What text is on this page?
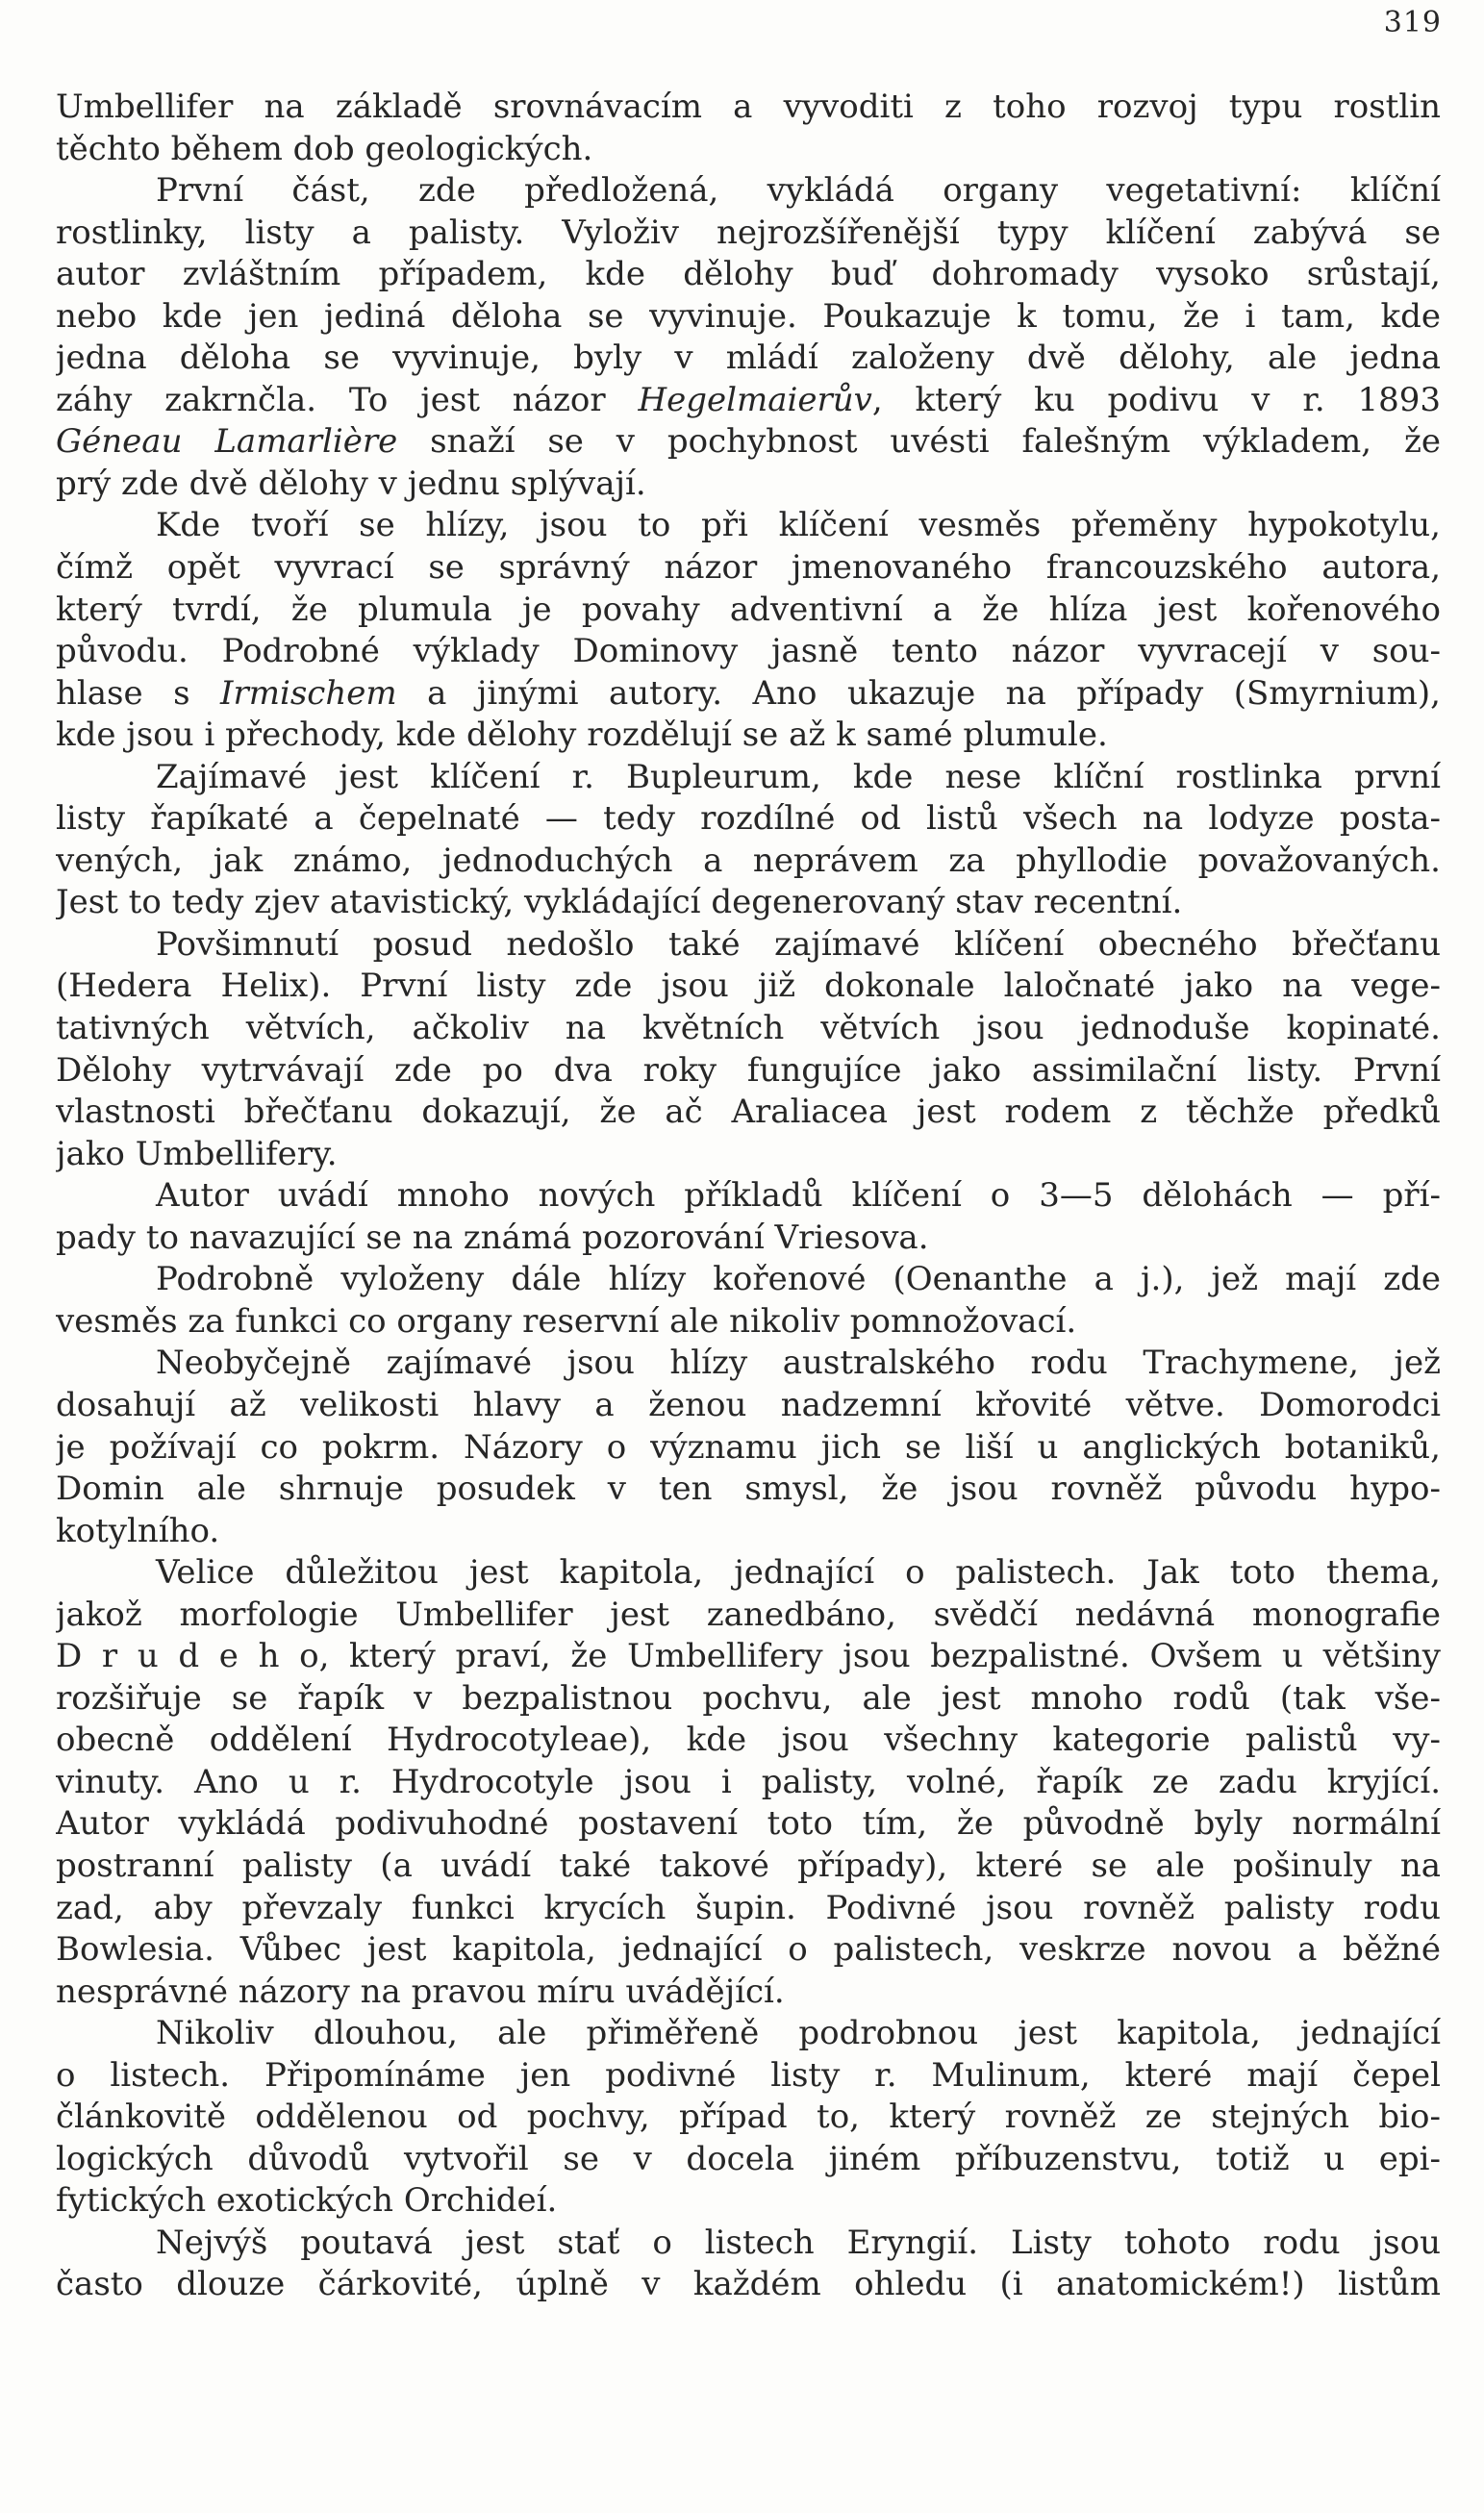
319
Umbellifer na základě srovnávacím a vyvoditi z toho rozvoj typu rostlin
těchto během dob geologických.
První část, zde předložená, vykládá organy vegetativní: klíční
rostlinky, listy a palisty. Vyloživ nejrozšířenější typy klíčení zabývá se
autor zvláštním případem, kde dělohy buď dohromady vysoko srůstají,
nebo kde jen jediná děloha se vyvinuje. Poukazuje k tomu, že i tam, kde
jedna děloha se vyvinuje, byly v mládí založeny dvě dělohy, ale jedna
záhy zakrnčla. To jest názor Hegelmaierův, který ku podivu v r. 1893
Géneau Lamarlière snaží se v pochybnost uvésti falešným výkladem, že
prý zde dvě dělohy v jednu splývají.
Kde tvoří se hlízy, jsou to při klíčení vesměs přeměny hypokotylu,
čímž opět vyvrací se správný názor jmenovaného francouzského autora,
který tvrdí, že plumula je povahy adventivní a že hlíza jest kořenového
původu. Podrobné výklady Dominovy jasně tento názor vyvracejí v sou-
hlase s Irmischem a jinými autory. Ano ukazuje na případy (Smyrnium),
kde jsou i přechody, kde dělohy rozdělují se až k samé plumule.
Zajímavé jest klíčení r. Bupleurum, kde nese klíční rostlinka první
listy řapíkaté a čepelnaté — tedy rozdílné od listů všech na lodyze posta-
vených, jak známo, jednoduchých a neprávem za phyllodie považovaných.
Jest to tedy zjev atavistický, vykládající degenerovaný stav recentní.
Povšimnutí posud nedošlo také zajímavé klíčení obecného břečťanu
(Hedera Helix). První listy zde jsou již dokonale laločnaté jako na vege-
tativných větvích, ačkoliv na květních větvích jsou jednoduše kopinaté.
Dělohy vytrvávají zde po dva roky fungujíce jako assimilační listy. První
vlastnosti břečťanu dokazují, že ač Araliacea jest rodem z těchže předků
jako Umbellifery.
Autor uvádí mnoho nových příkladů klíčení o 3—5 dělohách — pří-
pady to navazující se na známá pozorování Vriesova.
Podrobně vyloženy dále hlízy kořenové (Oenanthe a j.), jež mají zde
vesměs za funkci co organy reservní ale nikoliv pomnožovací.
Neobyčejně zajímavé jsou hlízy australského rodu Trachymene, jež
dosahují až velikosti hlavy a ženou nadzemní křovité větve. Domorodci
je požívají co pokrm. Názory o významu jich se liší u anglických botaniků,
Domin ale shrnuje posudek v ten smysl, že jsou rovněž původu hypo-
kotylního.
Velice důležitou jest kapitola, jednající o palistech. Jak toto thema,
jakož morfologie Umbellifer jest zanedbáno, svědčí nedávná monografie
D r u d e h o, který praví, že Umbellifery jsou bezpalistné. Ovšem u většiny
rozšiřuje se řapík v bezpalistnou pochvu, ale jest mnoho rodů (tak vše-
obecně oddělení Hydrocotyleae), kde jsou všechny kategorie palistů vy-
vinuty. Ano u r. Hydrocotyle jsou i palisty, volné, řapík ze zadu kryjící.
Autor vykládá podivuhodné postavení toto tím, že původně byly normální
postranní palisty (a uvádí také takové případy), které se ale pošinuly na
zad, aby převzaly funkci krycích šupin. Podivné jsou rovněž palisty rodu
Bowlesia. Vůbec jest kapitola, jednající o palistech, veskrze novou a běžné
nesprávné názory na pravou míru uvádějící.
Nikoliv dlouhou, ale přiměřeně podrobnou jest kapitola, jednající
o listech. Připomínáme jen podivné listy r. Mulinum, které mají čepel
článkovitě oddělenou od pochvy, případ to, který rovněž ze stejných bio-
logických důvodů vytvořil se v docela jiném příbuzenstvu, totiž u epi-
fytických exotických Orchideí.
Nejvýš poutavá jest stať o listech Eryngií. Listy tohoto rodu jsou
často dlouze čárkovité, úplně v každém ohledu (i anatomickém!) listům
